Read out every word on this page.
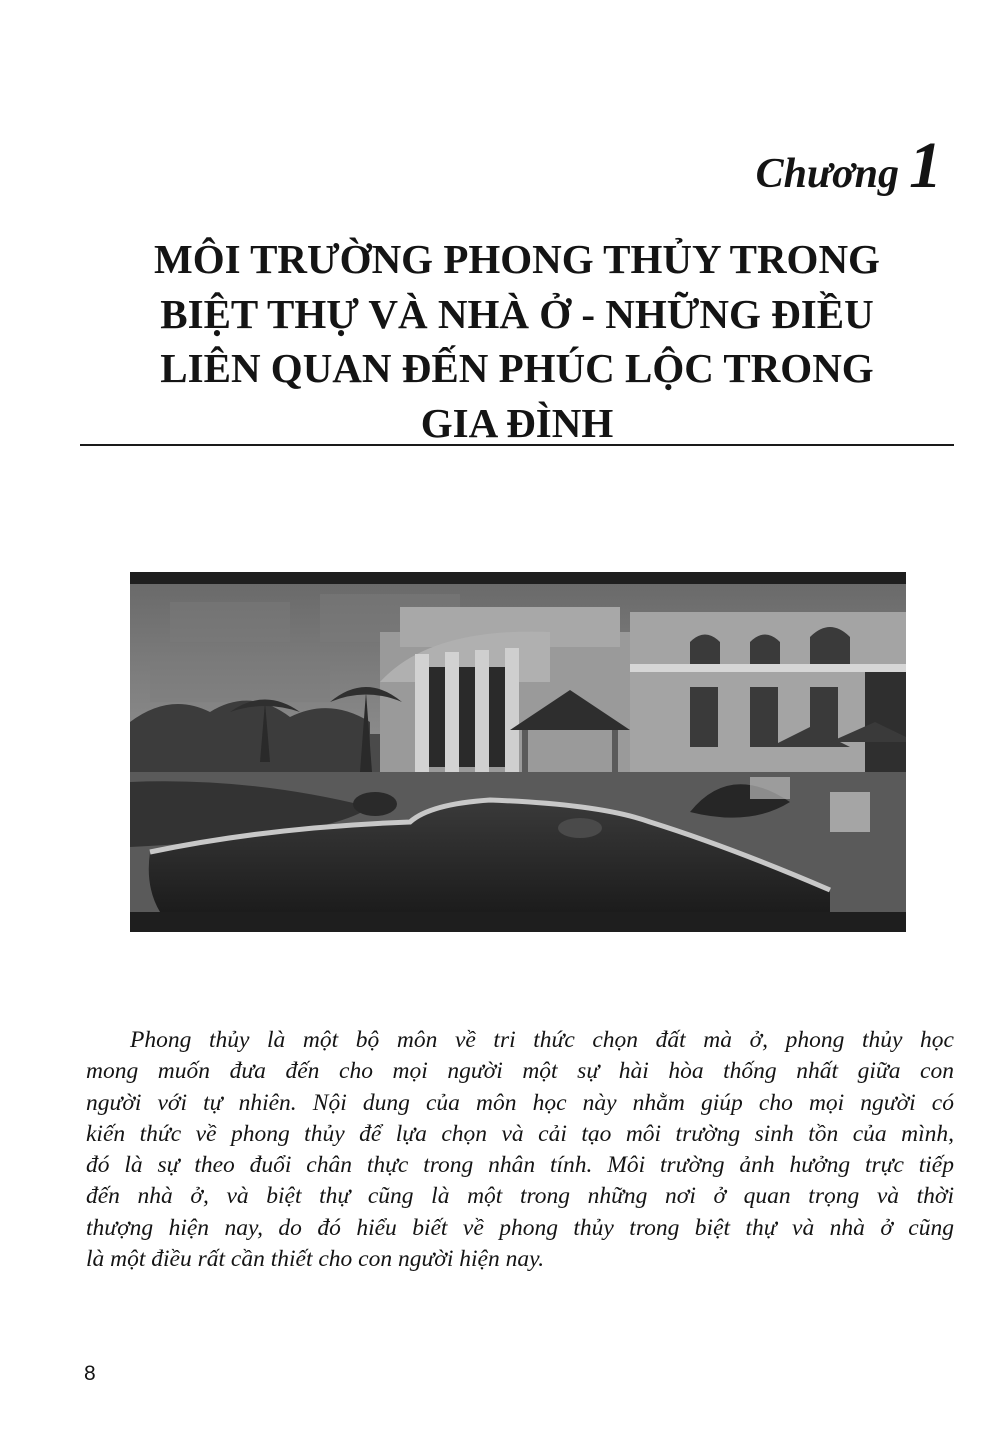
Chương 1
MÔI TRƯỜNG PHONG THỦY TRONG
BIỆT THỰ VÀ NHÀ Ở - NHỮNG ĐIỀU
LIÊN QUAN ĐẾN PHÚC LỘC TRONG
GIA ĐÌNH

Phong thủy là một bộ môn về tri thức chọn đất mà ở, phong thủy học
mong muốn đưa đến cho mọi người một sự hài hòa thống nhất giữa con
người với tự nhiên. Nội dung của môn học này nhằm giúp cho mọi người có
kiến thức về phong thủy để lựa chọn và cải tạo môi trường sinh tồn của mình,
đó là sự theo đuổi chân thực trong nhân tính. Môi trường ảnh hưởng trực tiếp
đến nhà ở, và biệt thự cũng là một trong những nơi ở quan trọng và thời
thượng hiện nay, do đó hiểu biết về phong thủy trong biệt thự và nhà ở cũng
là một điều rất cần thiết cho con người hiện nay.

8
